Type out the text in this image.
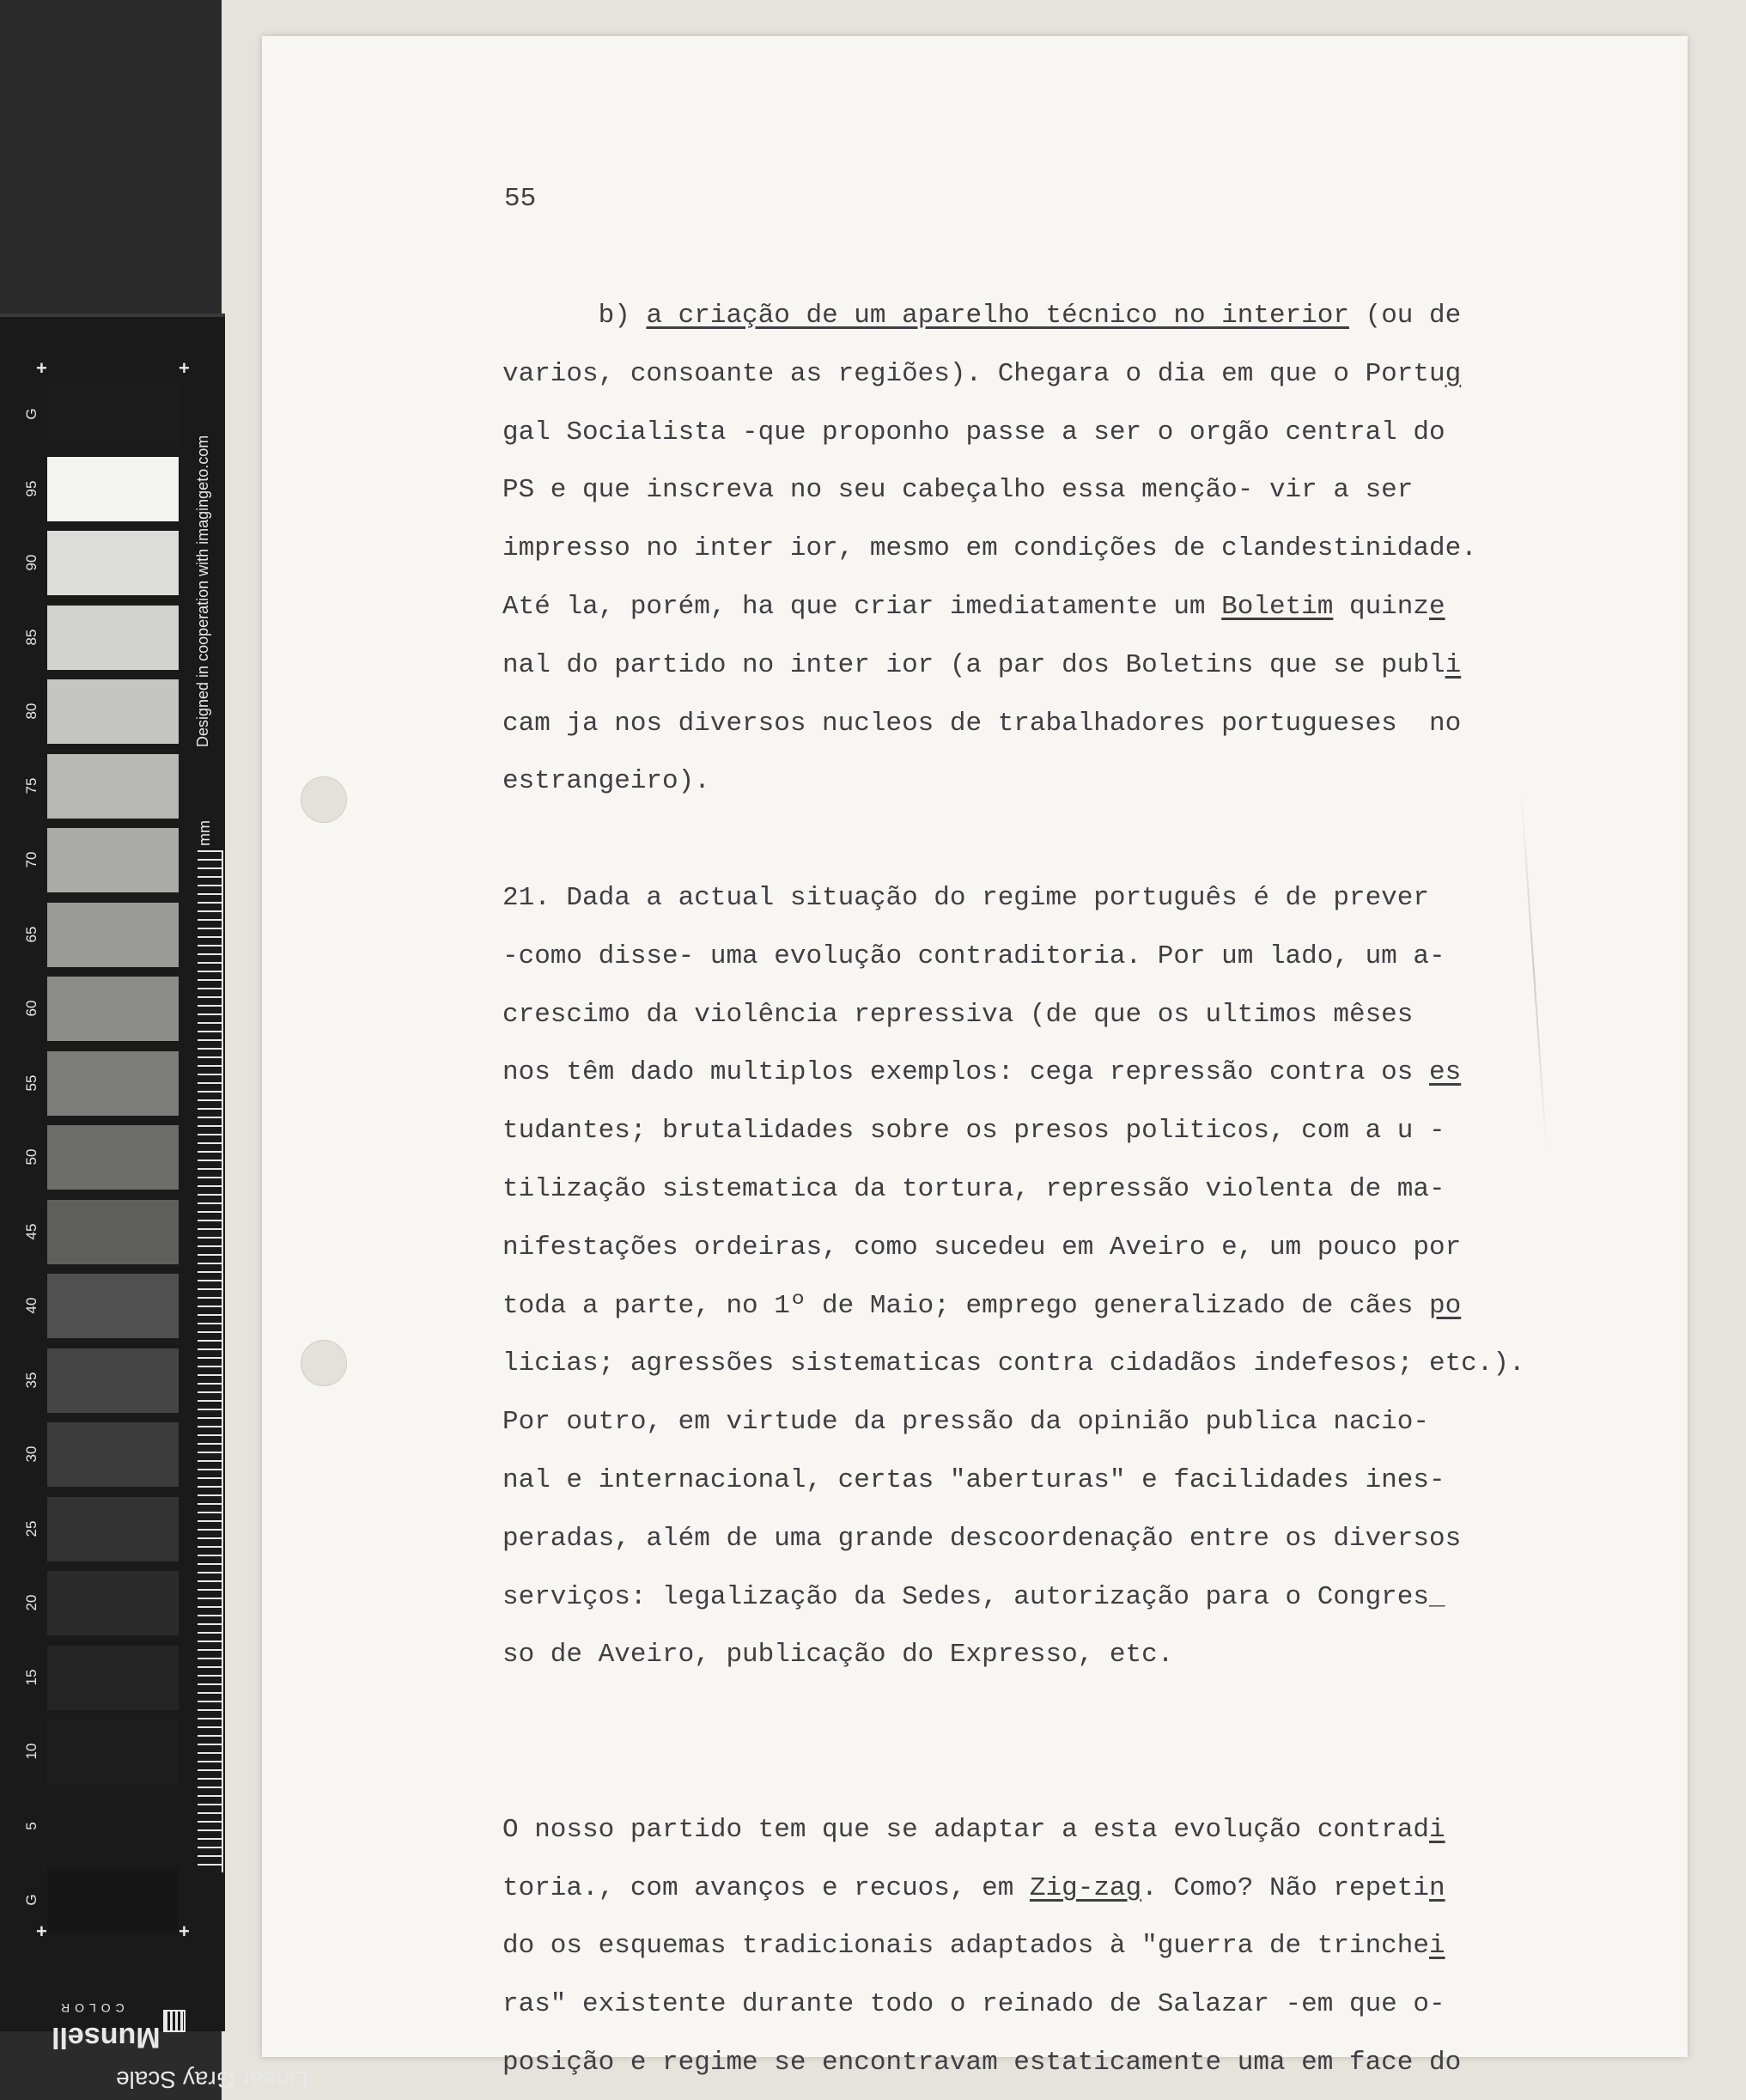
+	+
+	+
Designed in cooperation with imagingeto.com
mm
Linear Gray Scale
Munsell
COLOR
55
b) a criação de um aparelho técnico no interior (ou de
varios, consoante as regiões). Chegara o dia em que o Portug
gal Socialista -que proponho passe a ser o orgão central do
PS e que inscreva no seu cabeçalho essa menção- vir a ser
impresso no inter ior, mesmo em condições de clandestinidade.
Até la, porém, ha que criar imediatamente um Boletim quinze
nal do partido no inter ior (a par dos Boletins que se publi
cam ja nos diversos nucleos de trabalhadores portugueses  no
estrangeiro).
21. Dada a actual situação do regime português é de prever
-como disse- uma evolução contraditoria. Por um lado, um a-
crescimo da violência repressiva (de que os ultimos mêses
nos têm dado multiplos exemplos: cega repressão contra os es
tudantes; brutalidades sobre os presos politicos, com a u -
tilização sistematica da tortura, repressão violenta de ma-
nifestações ordeiras, como sucedeu em Aveiro e, um pouco por
toda a parte, no 1º de Maio; emprego generalizado de cães po
licias; agressões sistematicas contra cidadãos indefesos; etc.).
Por outro, em virtude da pressão da opinião publica nacio-
nal e internacional, certas "aberturas" e facilidades ines-
peradas, além de uma grande descoordenação entre os diversos
serviços: legalização da Sedes, autorização para o Congres_
so de Aveiro, publicação do Expresso, etc.
O nosso partido tem que se adaptar a esta evolução contradi
toria., com avanços e recuos, em Zig-zag. Como? Não repetin
do os esquemas tradicionais adaptados à "guerra de trinchei
ras" existente durante todo o reinado de Salazar -em que o-
posição e regime se encontravam estaticamente uma em face do
G
95
90
85
80
75
70
65
60
55
50
45
40
35
30
25
20
15
10
5
G
